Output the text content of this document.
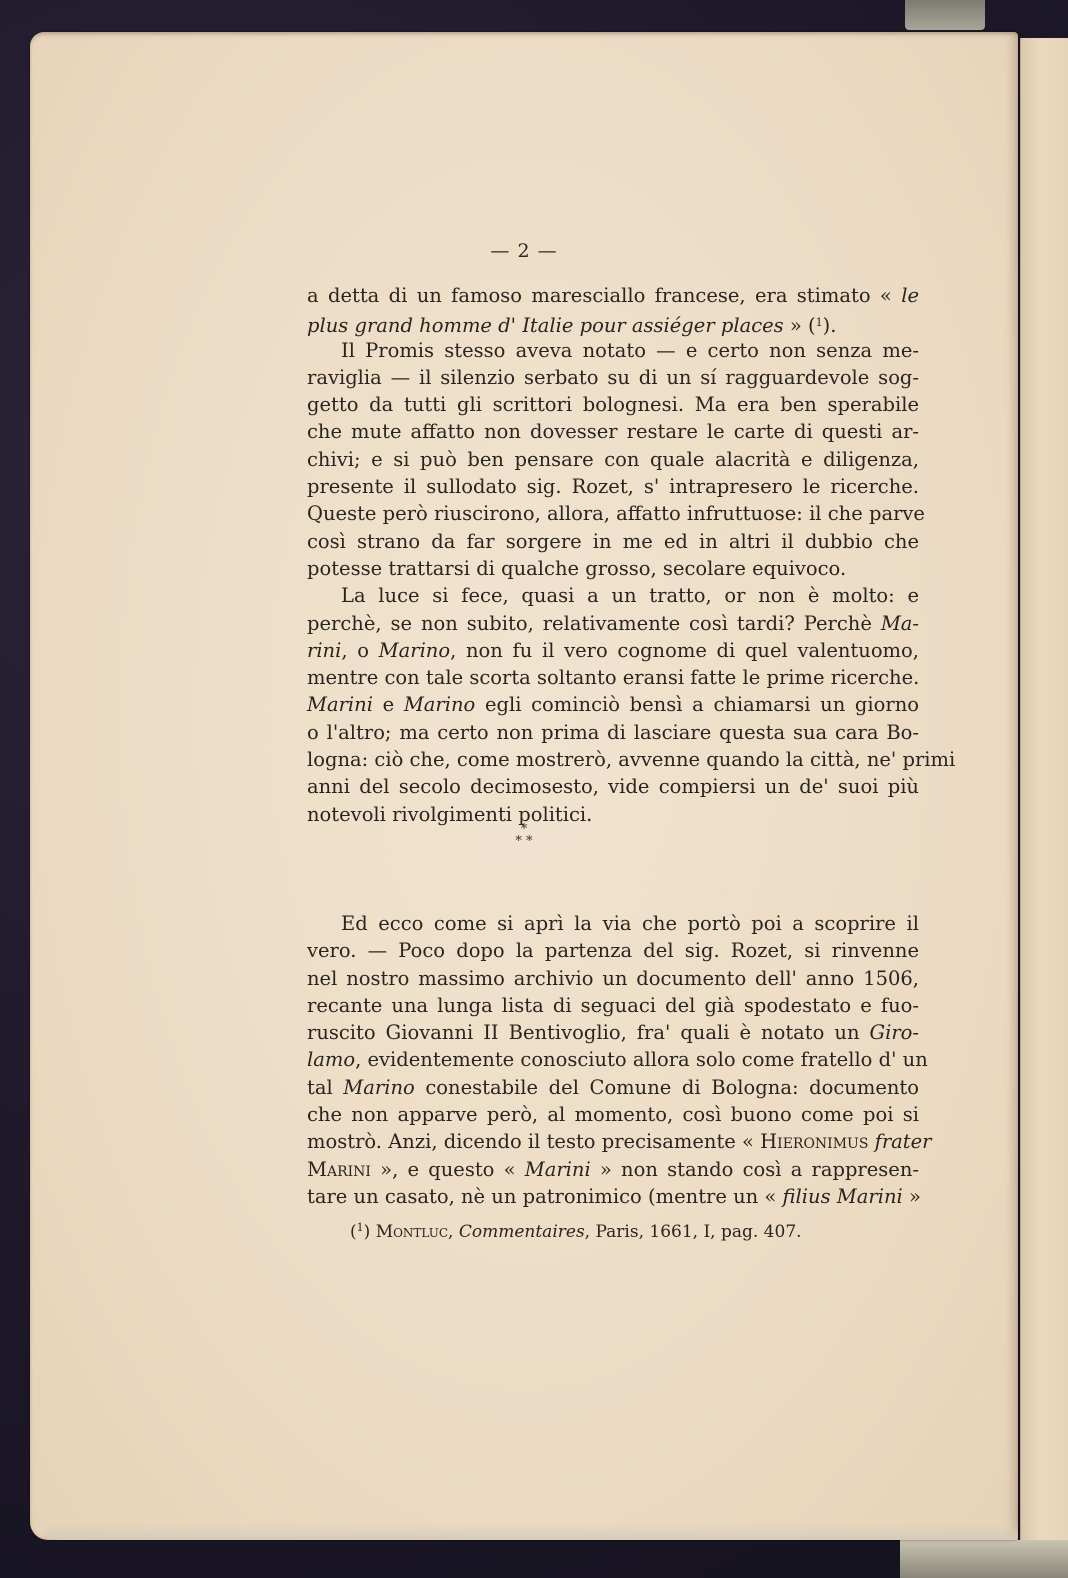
— 2 —
a detta di un famoso maresciallo francese, era stimato « le
plus grand homme d' Italie pour assiéger places » ($^1$).
Il Promis stesso aveva notato — e certo non senza me-
raviglia — il silenzio serbato su di un sí ragguardevole sog-
getto da tutti gli scrittori bolognesi. Ma era ben sperabile
che mute affatto non dovesser restare le carte di questi ar-
chivi; e si può ben pensare con quale alacrità e diligenza,
presente il sullodato sig. Rozet, s' intrapresero le ricerche.
Queste però riuscirono, allora, affatto infruttuose: il che parve
così strano da far sorgere in me ed in altri il dubbio che
potesse trattarsi di qualche grosso, secolare equivoco.
La luce si fece, quasi a un tratto, or non è molto: e
perchè, se non subito, relativamente così tardi? Perchè Ma-
rini, o Marino, non fu il vero cognome di quel valentuomo,
mentre con tale scorta soltanto eransi fatte le prime ricerche.
Marini e Marino egli cominciò bensì a chiamarsi un giorno
o l'altro; ma certo non prima di lasciare questa sua cara Bo-
logna: ciò che, come mostrerò, avvenne quando la città, ne' primi
anni del secolo decimosesto, vide compiersi un de' suoi più
notevoli rivolgimenti politici.
Ed ecco come si aprì la via che portò poi a scoprire il
vero. — Poco dopo la partenza del sig. Rozet, si rinvenne
nel nostro massimo archivio un documento dell' anno 1506,
recante una lunga lista di seguaci del già spodestato e fuo-
ruscito Giovanni II Bentivoglio, fra' quali è notato un Giro-
lamo, evidentemente conosciuto allora solo come fratello d' un
tal Marino conestabile del Comune di Bologna: documento
che non apparve però, al momento, così buono come poi si
mostrò. Anzi, dicendo il testo precisamente « Hieronimus frater
Marini », e questo « Marini » non stando così a rappresen-
tare un casato, nè un patronimico (mentre un « filius Marini »
*
* *
($^1$) Montluc, Commentaires, Paris, 1661, I, pag. 407.
